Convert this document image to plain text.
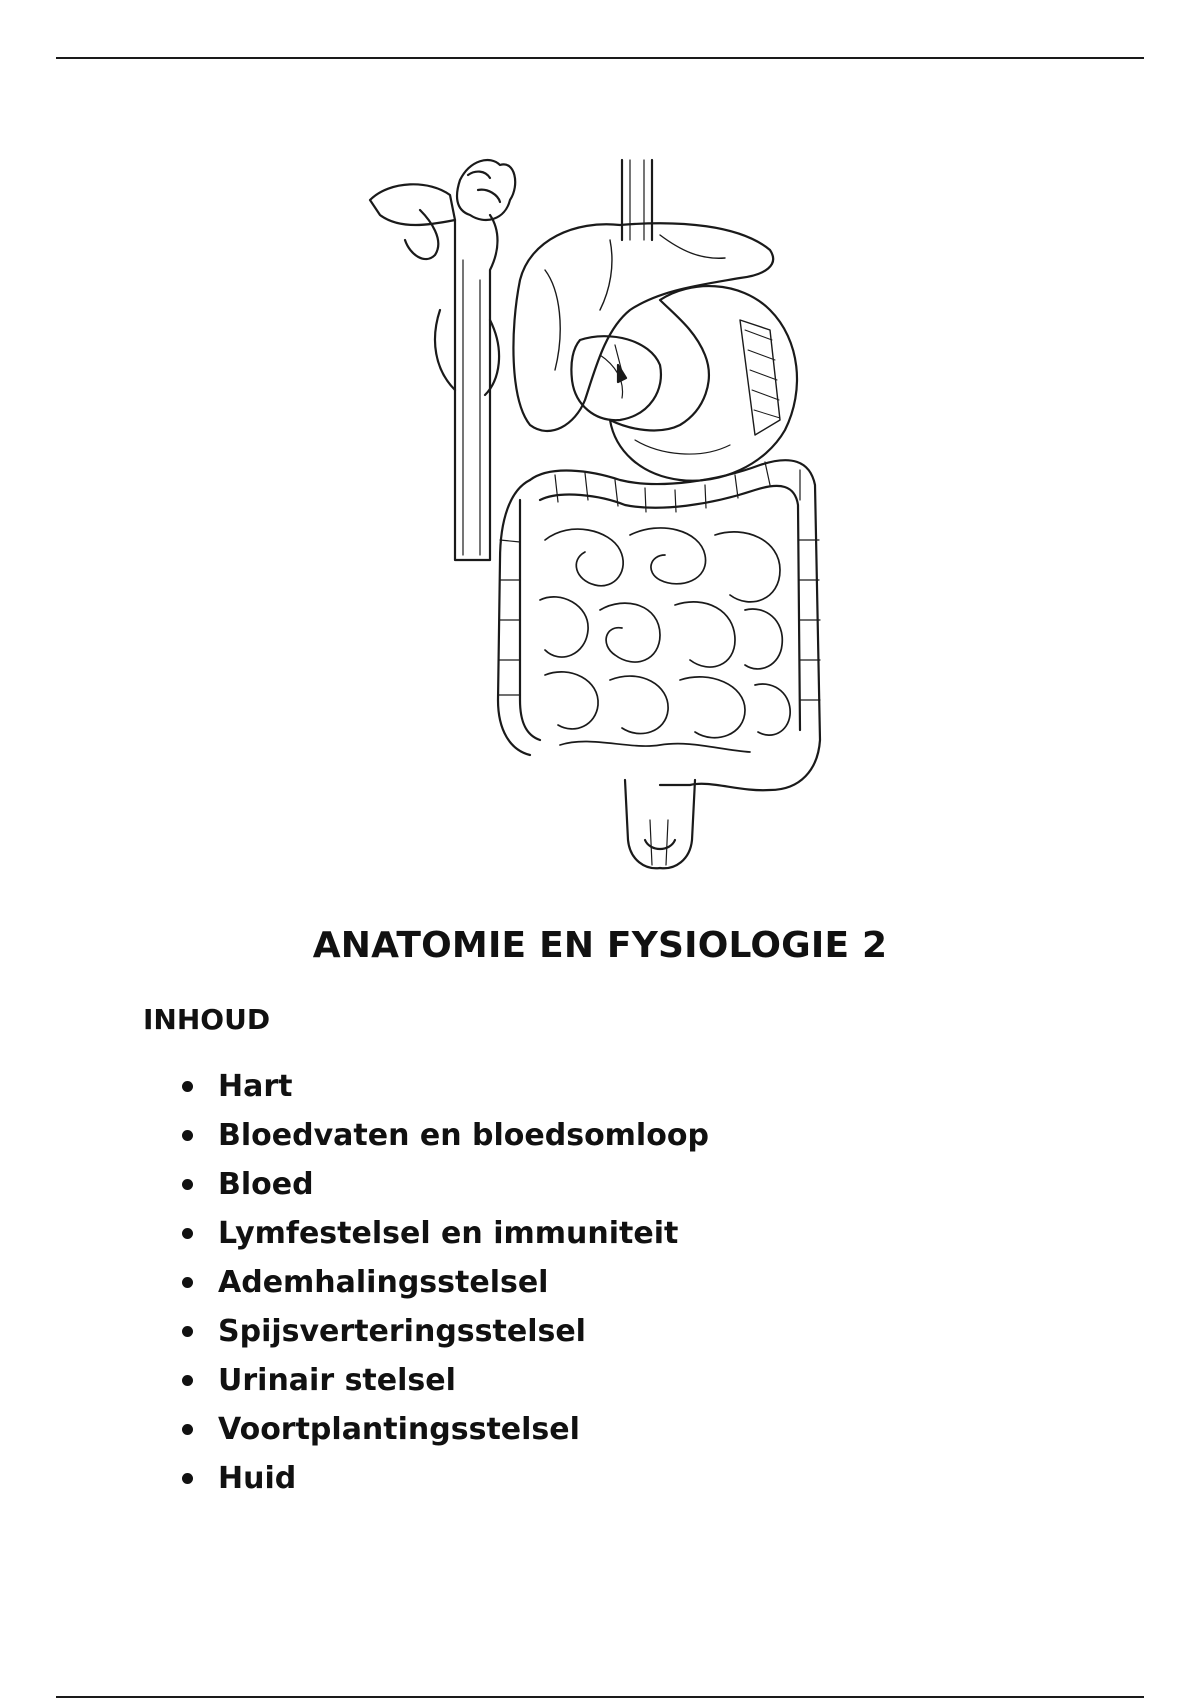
ANATOMIE EN FYSIOLOGIE 2
INHOUD
Hart
Bloedvaten en bloedsomloop
Bloed
Lymfestelsel en immuniteit
Ademhalingsstelsel
Spijsverteringsstelsel
Urinair stelsel
Voortplantingsstelsel
Huid
